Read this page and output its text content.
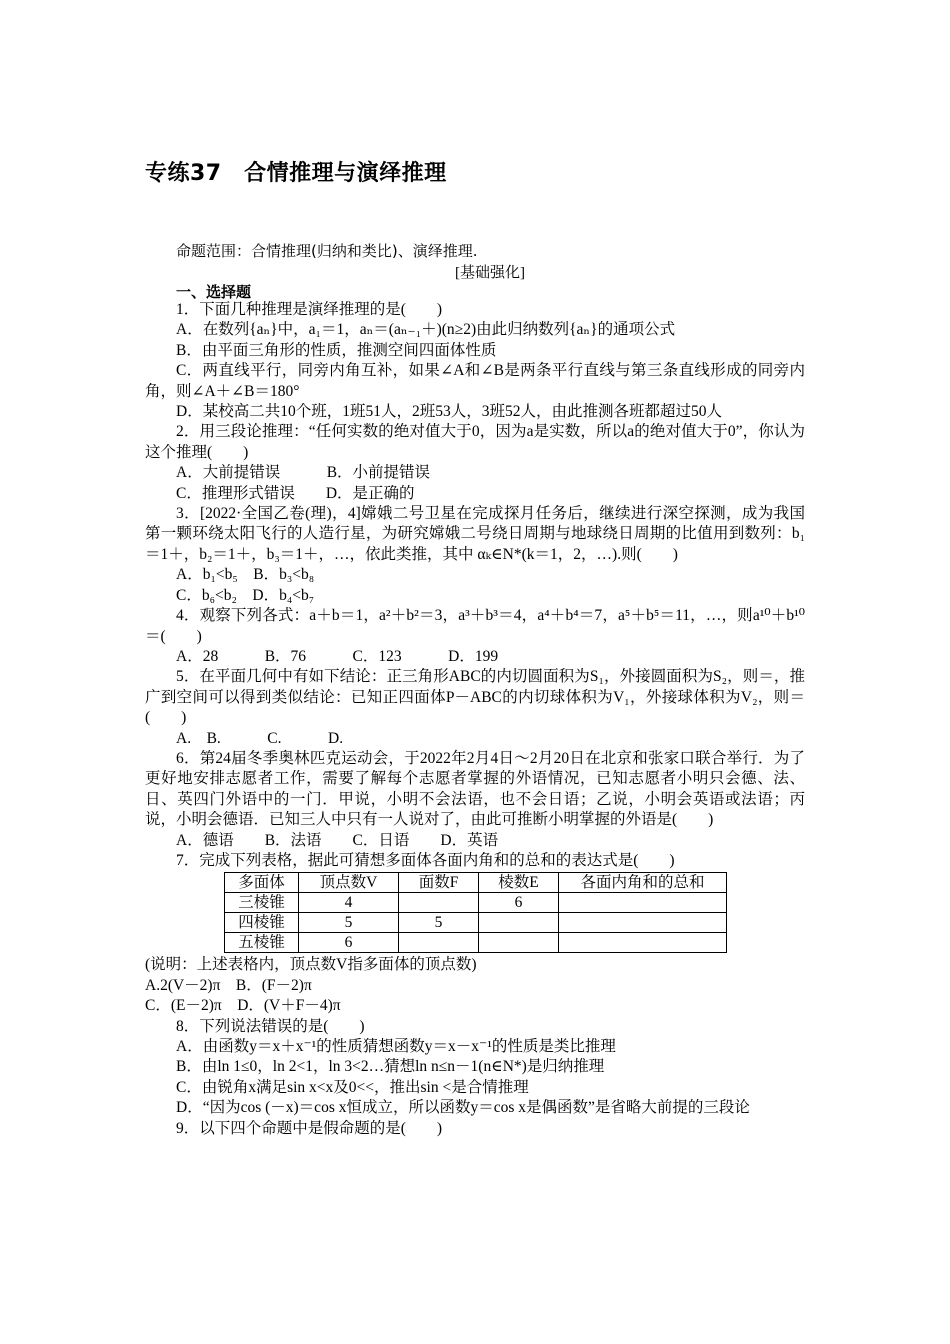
专练37　合情推理与演绎推理
命题范围：合情推理(归纳和类比)、演绎推理.
[基础强化]
一、选择题
1．下面几种推理是演绎推理的是(　　)
A．在数列{aₙ}中，a₁＝1，aₙ＝(aₙ₋₁＋)(n≥2)由此归纳数列{aₙ}的通项公式
B．由平面三角形的性质，推测空间四面体性质
C．两直线平行，同旁内角互补，如果∠A和∠B是两条平行直线与第三条直线形成的同旁内角，则∠A＋∠B＝180°
D．某校高二共10个班，1班51人，2班53人，3班52人，由此推测各班都超过50人
2．用三段论推理：“任何实数的绝对值大于0，因为a是实数，所以a的绝对值大于0”，你认为这个推理(　　)
A．大前提错误　　　B．小前提错误
C．推理形式错误　　D．是正确的
3．[2022·全国乙卷(理)，4]嫦娥二号卫星在完成探月任务后，继续进行深空探测，成为我国第一颗环绕太阳飞行的人造行星，为研究嫦娥二号绕日周期与地球绕日周期的比值用到数列：b₁＝1＋，b₂＝1＋，b₃＝1＋，…，依此类推，其中 αₖ∈N*(k＝1，2，…).则(　　)
A．b₁<b₅　B．b₃<b₈
C．b₆<b₂　D．b₄<b₇
4．观察下列各式：a＋b＝1，a²＋b²＝3，a³＋b³＝4，a⁴＋b⁴＝7，a⁵＋b⁵＝11，…，则a¹⁰＋b¹⁰＝(　　)
A．28　　　B．76　　　C．123　　　D．199
5．在平面几何中有如下结论：正三角形ABC的内切圆面积为S₁，外接圆面积为S₂，则＝，推广到空间可以得到类似结论：已知正四面体P－ABC的内切球体积为V₁，外接球体积为V₂，则＝(　　)
A.　B.　　　C.　　　D.
6．第24届冬季奥林匹克运动会，于2022年2月4日～2月20日在北京和张家口联合举行．为了更好地安排志愿者工作，需要了解每个志愿者掌握的外语情况，已知志愿者小明只会德、法、日、英四门外语中的一门．甲说，小明不会法语，也不会日语；乙说，小明会英语或法语；丙说，小明会德语．已知三人中只有一人说对了，由此可推断小明掌握的外语是(　　)
A．德语　　B．法语　　C．日语　　D．英语
7．完成下列表格，据此可猜想多面体各面内角和的总和的表达式是(　　)
多面体	顶点数V	面数F	棱数E	各面内角和的总和
三棱锥	4		6	
四棱锥	5	5		
五棱锥	6			
(说明：上述表格内，顶点数V指多面体的顶点数)
A.2(V－2)π　B．(F－2)π
C．(E－2)π　D．(V＋F－4)π
8．下列说法错误的是(　　)
A．由函数y＝x＋x⁻¹的性质猜想函数y＝x－x⁻¹的性质是类比推理
B．由ln 1≤0，ln 2<1，ln 3<2…猜想ln n≤n－1(n∈N*)是归纳推理
C．由锐角x满足sin x<x及0<<，推出sin <是合情推理
D．“因为cos (－x)＝cos x恒成立，所以函数y＝cos x是偶函数”是省略大前提的三段论
9．以下四个命题中是假命题的是(　　)
